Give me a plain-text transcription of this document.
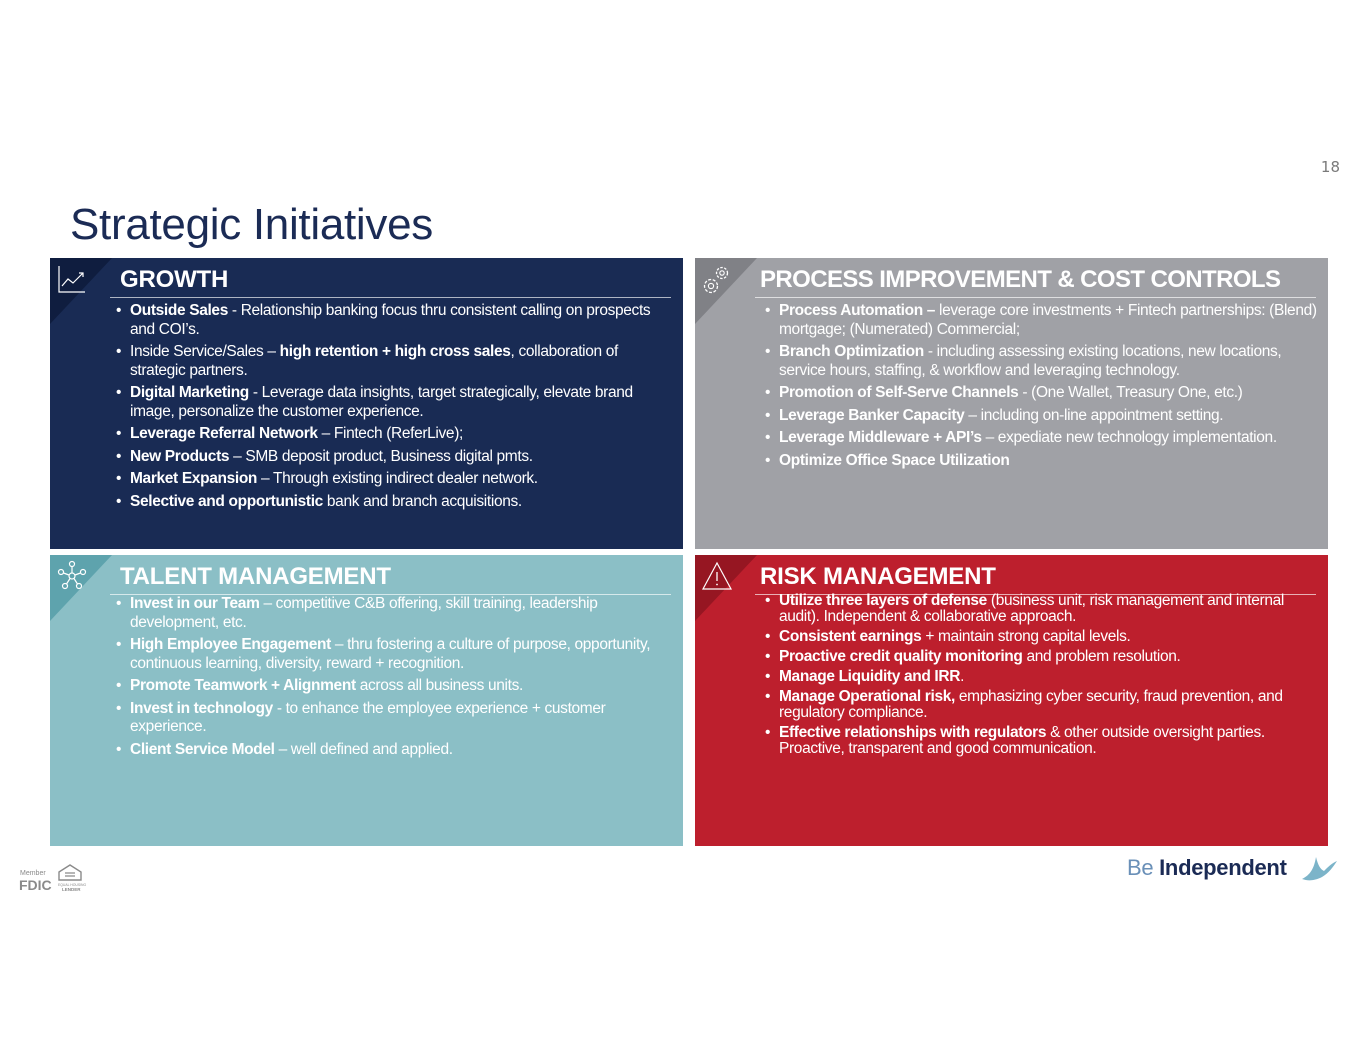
18
Strategic Initiatives
GROWTH
• Outside Sales - Relationship banking focus thru consistent calling on prospects and COI’s.
• Inside Service/Sales – high retention + high cross sales, collaboration of strategic partners.
• Digital Marketing - Leverage data insights, target strategically, elevate brand image, personalize the customer experience.
• Leverage Referral Network – Fintech (ReferLive);
• New Products – SMB deposit product, Business digital pmts.
• Market Expansion – Through existing indirect dealer network.
• Selective and opportunistic bank and branch acquisitions.
PROCESS IMPROVEMENT & COST CONTROLS
• Process Automation – leverage core investments + Fintech partnerships: (Blend) mortgage; (Numerated) Commercial;
• Branch Optimization - including assessing existing locations, new locations, service hours, staffing, & workflow and leveraging technology.
• Promotion of Self-Serve Channels - (One Wallet, Treasury One, etc.)
• Leverage Banker Capacity – including on-line appointment setting.
• Leverage Middleware + API’s – expediate new technology implementation.
• Optimize Office Space Utilization
TALENT MANAGEMENT
• Invest in our Team – competitive C&B offering, skill training, leadership development, etc.
• High Employee Engagement – thru fostering a culture of purpose, opportunity, continuous learning, diversity, reward + recognition.
• Promote Teamwork + Alignment across all business units.
• Invest in technology - to enhance the employee experience + customer experience.
• Client Service Model – well defined and applied.
RISK MANAGEMENT
• Utilize three layers of defense (business unit, risk management and internal audit). Independent & collaborative approach.
• Consistent earnings + maintain strong capital levels.
• Proactive credit quality monitoring and problem resolution.
• Manage Liquidity and IRR.
• Manage Operational risk, emphasizing cyber security, fraud prevention, and regulatory compliance.
• Effective relationships with regulators & other outside oversight parties. Proactive, transparent and good communication.
Member
FDIC EQUAL HOUSING
LENDER
Be Independent
